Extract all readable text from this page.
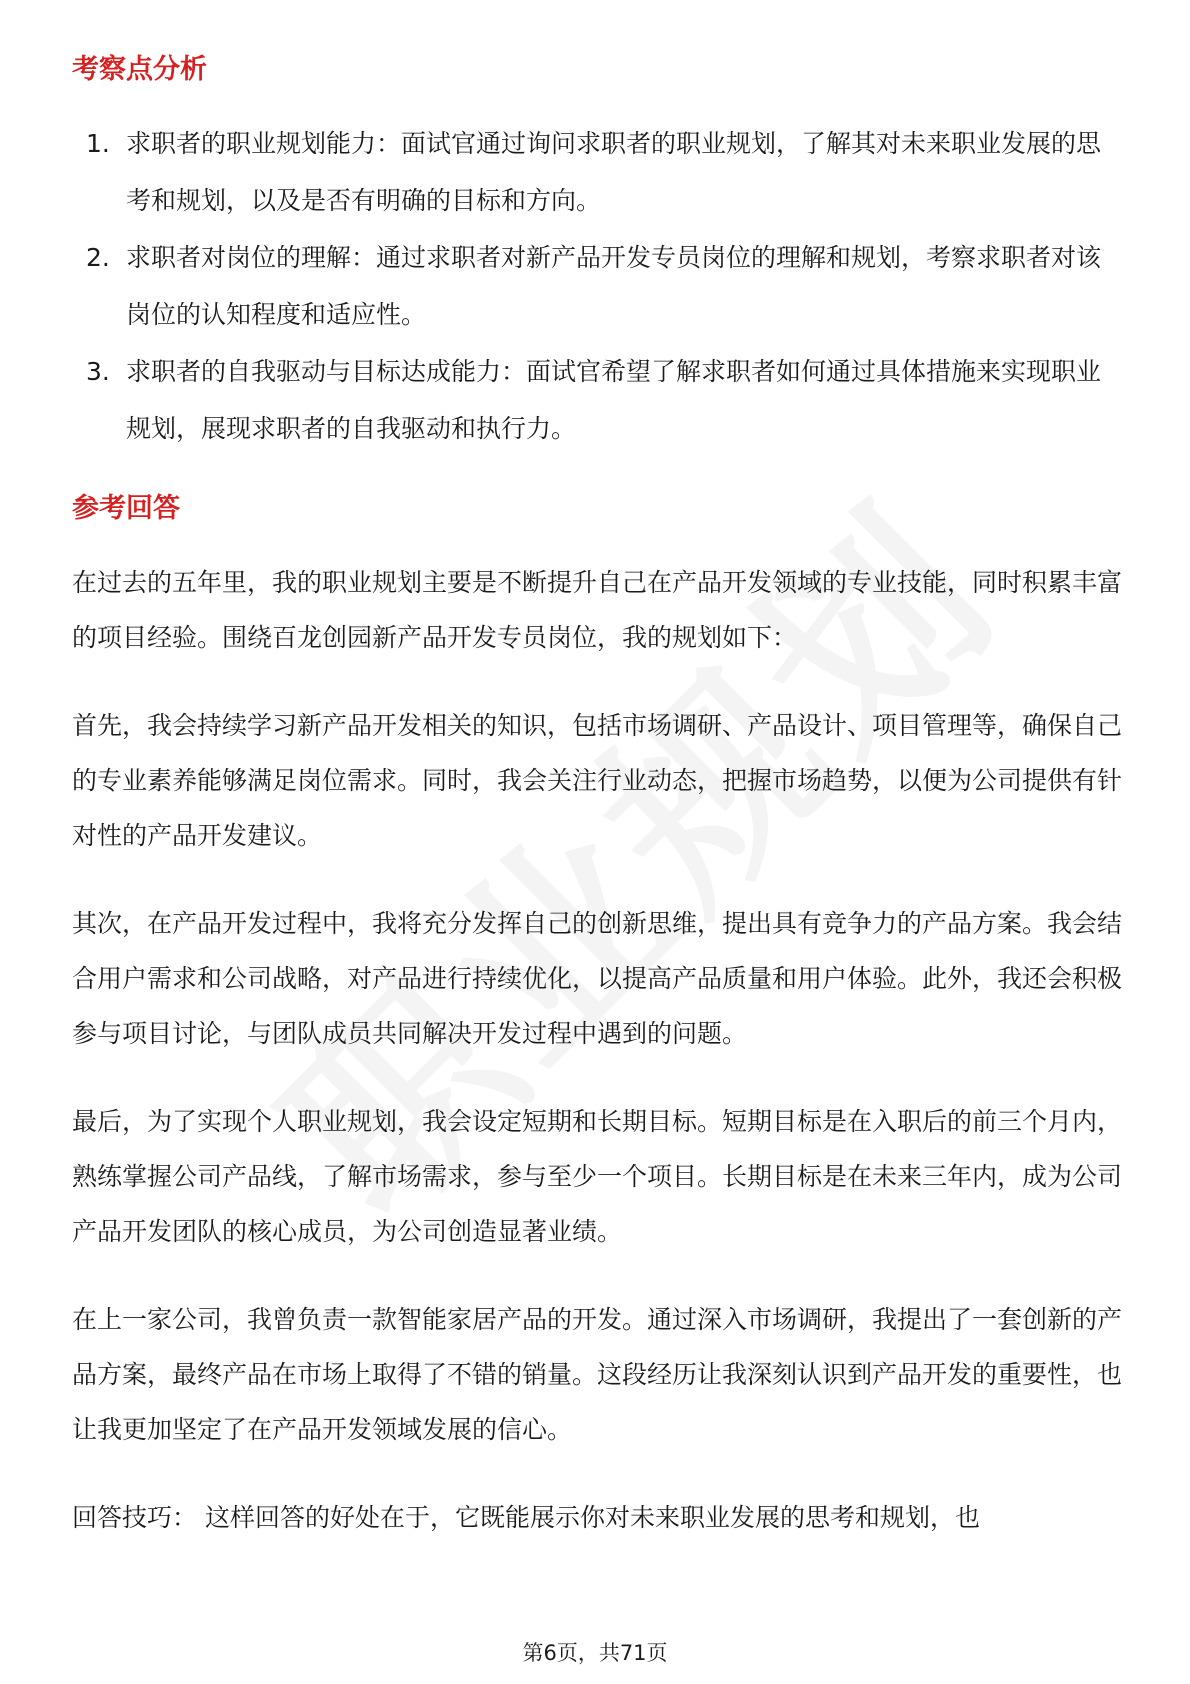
考察点分析
1. 求职者的职业规划能力：面试官通过询问求职者的职业规划，了解其对未来职业发展的思考和规划，以及是否有明确的目标和方向。
2. 求职者对岗位的理解：通过求职者对新产品开发专员岗位的理解和规划，考察求职者对该岗位的认知程度和适应性。
3. 求职者的自我驱动与目标达成能力：面试官希望了解求职者如何通过具体措施来实现职业规划，展现求职者的自我驱动和执行力。
参考回答

在过去的五年里，我的职业规划主要是不断提升自己在产品开发领域的专业技能，同时积累丰富的项目经验。围绕百龙创园新产品开发专员岗位，我的规划如下：

首先，我会持续学习新产品开发相关的知识，包括市场调研、产品设计、项目管理等，确保自己的专业素养能够满足岗位需求。同时，我会关注行业动态，把握市场趋势，以便为公司提供有针对性的产品开发建议。

其次，在产品开发过程中，我将充分发挥自己的创新思维，提出具有竞争力的产品方案。我会结合用户需求和公司战略，对产品进行持续优化，以提高产品质量和用户体验。此外，我还会积极参与项目讨论，与团队成员共同解决开发过程中遇到的问题。

最后，为了实现个人职业规划，我会设定短期和长期目标。短期目标是在入职后的前三个月内，熟练掌握公司产品线，了解市场需求，参与至少一个项目。长期目标是在未来三年内，成为公司产品开发团队的核心成员，为公司创造显著业绩。

在上一家公司，我曾负责一款智能家居产品的开发。通过深入市场调研，我提出了一套创新的产品方案，最终产品在市场上取得了不错的销量。这段经历让我深刻认识到产品开发的重要性，也让我更加坚定了在产品开发领域发展的信心。

回答技巧： 这样回答的好处在于，它既能展示你对未来职业发展的思考和规划，也

第6页，共71页
